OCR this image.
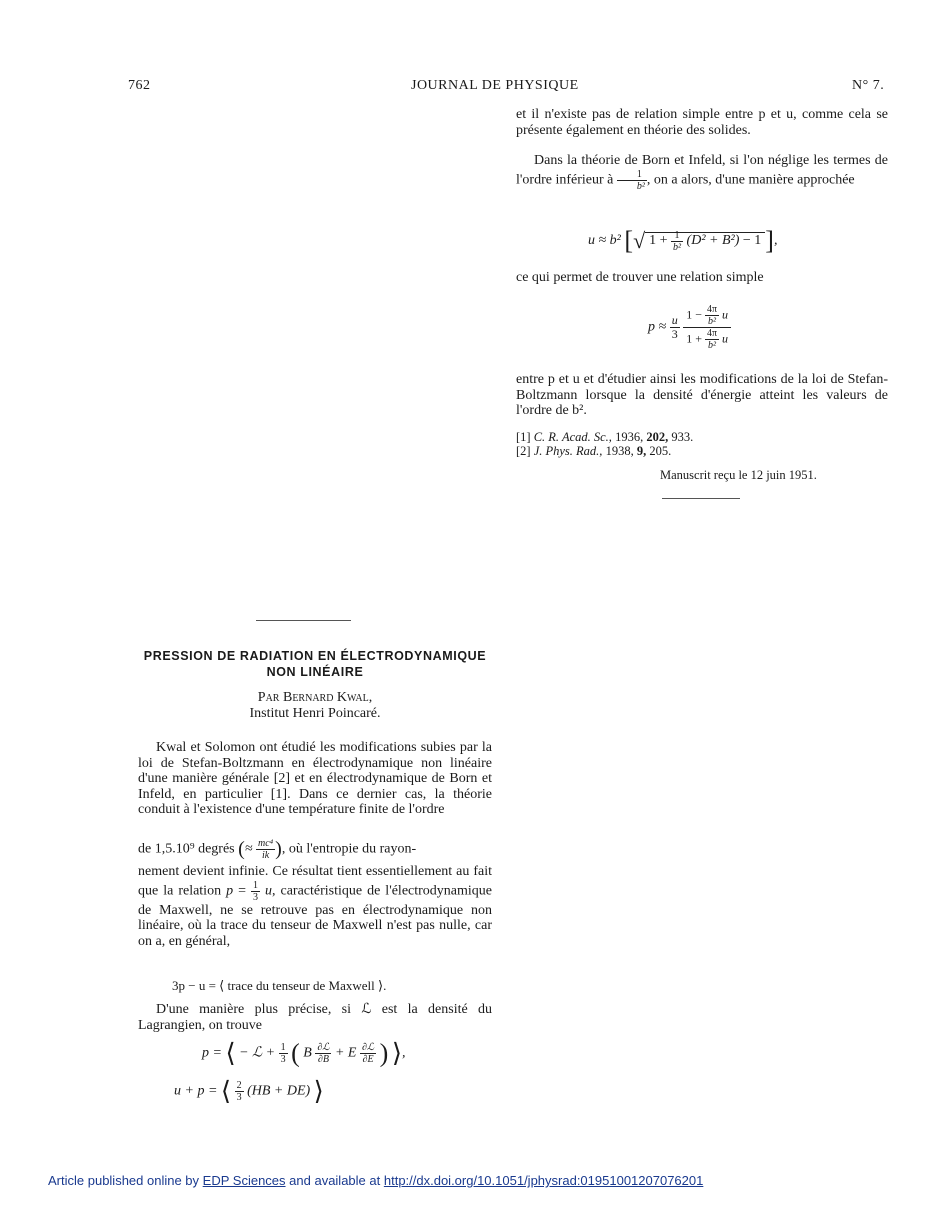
762	JOURNAL DE PHYSIQUE	N° 7.
et il n'existe pas de relation simple entre p et u, comme cela se présente également en théorie des solides.
Dans la théorie de Born et Infeld, si l'on néglige les termes de l'ordre inférieur à $\frac{1}{\text{b²}}$ , on a alors, d'une manière approchée
u ≈ b² [√ $1 + \frac{1}{\text{b²}} (D^2 + B^2) - 1$ ],
ce qui permet de trouver une relation simple
$p \approx \frac{u}{3}$
$\frac{1 - \frac{4\pi}{\text{b²}} u}{1 + \frac{4\pi}{\text{b²}} u}$
entre p et u et d'étudier ainsi les modifications de la loi de Stefan-Boltzmann lorsque la densité d'énergie atteint les valeurs de l'ordre de b².
[1] C. R. Acad. Sc., 1936, 202, 933.
[2] J. Phys. Rad., 1938, 9, 205.
Manuscrit reçu le 12 juin 1951.
PRESSION DE RADIATION EN ÉLECTRODYNAMIQUE
NON LINÉAIRE
Par Bernard Kwal,
Institut Henri Poincaré.
Kwal et Solomon ont étudié les modifications subies par la loi de Stefan-Boltzmann en électrodynamique non linéaire d'une manière générale [2] et en électrodynamique de Born et Infeld, en particulier [1]. Dans ce dernier cas, la théorie conduit à l'existence d'une température finite de l'ordre
de 1,5.10⁹ degrés (≈ $\frac{\text{mc⁴}}{ik}$ ), où l'entropie du rayon-
nement devient infinie. Ce résultat tient essentiellement au fait que la relation $p = \frac{1}{3} u$, caractéristique de l'électrodynamique de Maxwell, ne se retrouve pas en électrodynamique non linéaire, où la trace du tenseur de Maxwell n'est pas nulle, car on a, en général,
3p − u = ⟨ trace du tenseur de Maxwell ⟩.
D'une manière plus précise, si ℒ est la densité du Lagrangien, on trouve
p = ⟨ − ℒ + $\frac{1}{3}$ ( B $\frac{\text{∂ℒ}}{\partial B} + E \frac{\text{∂ℒ}}{\partial E}$ ) ⟩,
u + p = ⟨ $\frac{2}{3} (HB + DE)$ ⟩
Article published online by EDP Sciences and available at http://dx.doi.org/10.1051/jphysrad:01951001207076201
